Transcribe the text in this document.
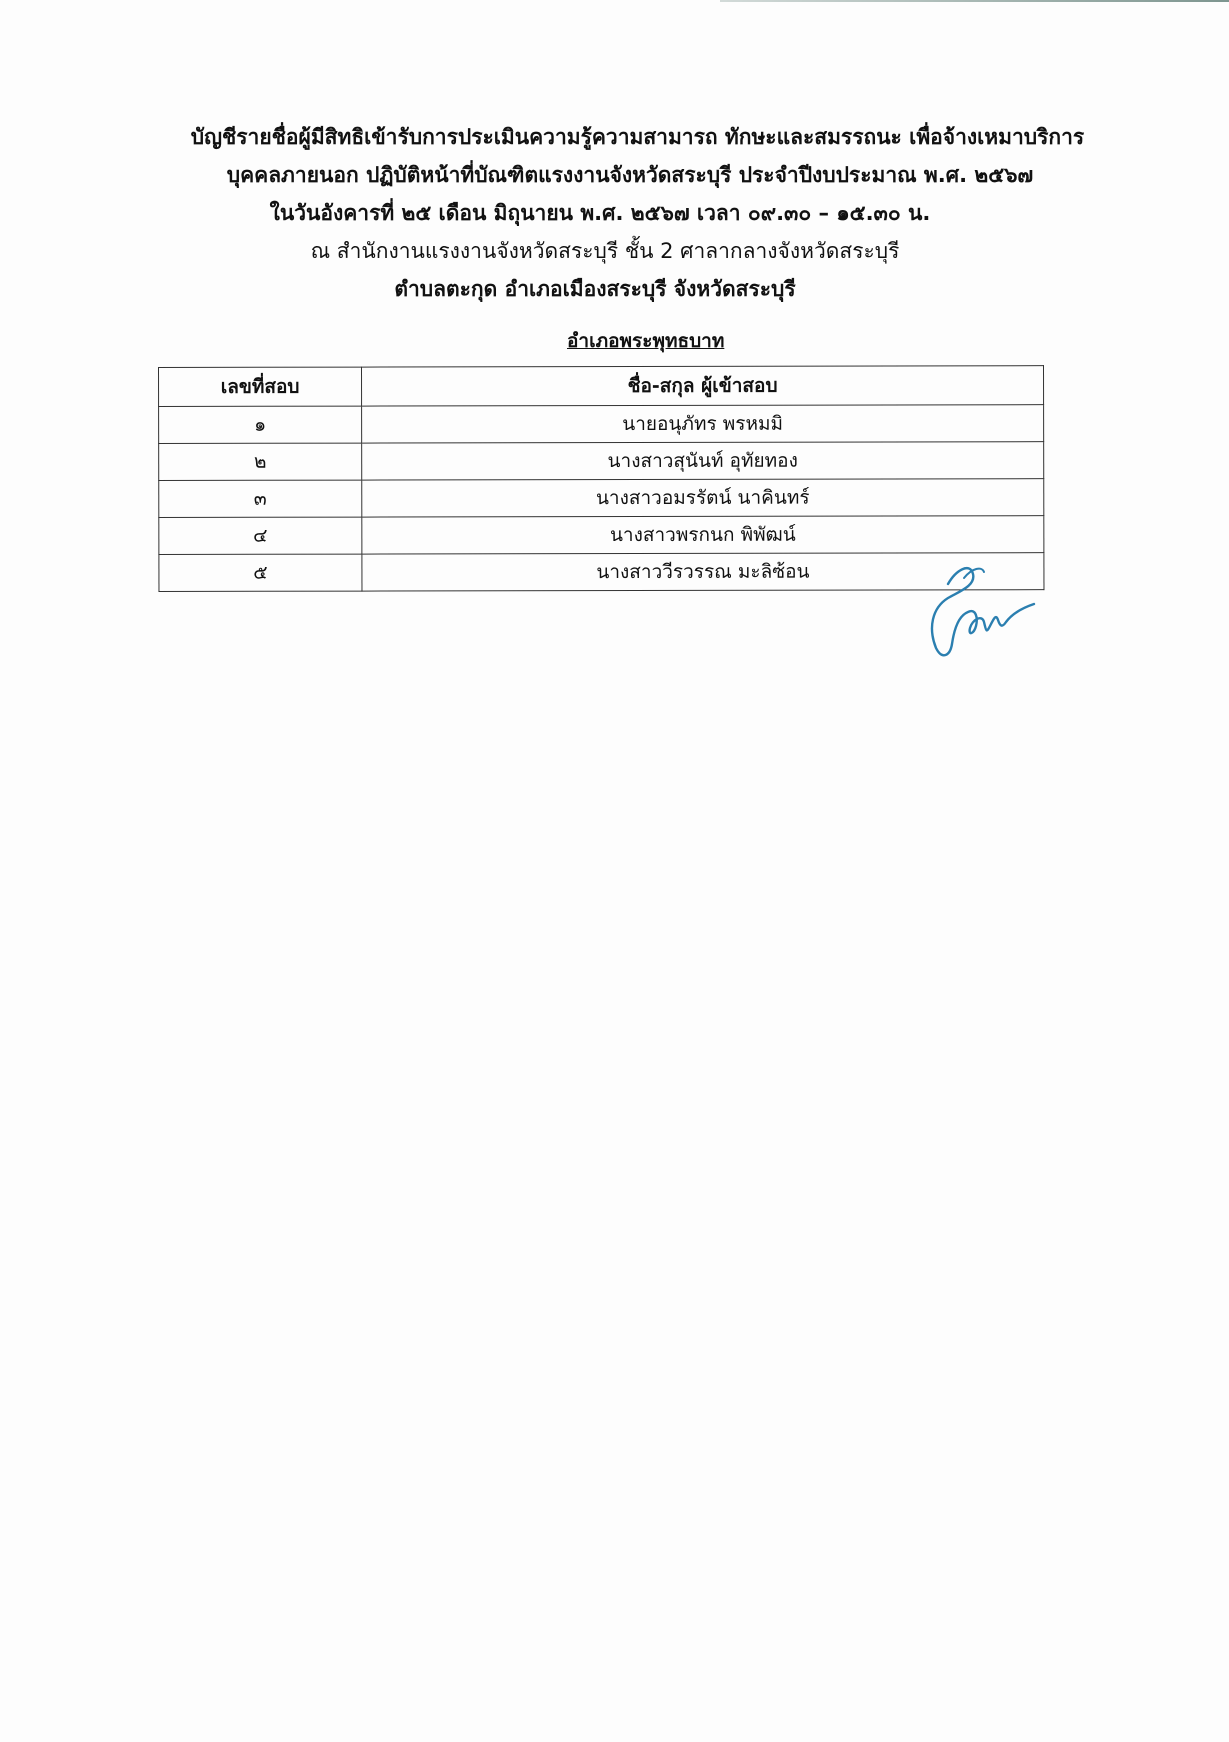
บัญชีรายชื่อผู้มีสิทธิเข้ารับการประเมินความรู้ความสามารถ ทักษะและสมรรถนะ เพื่อจ้างเหมาบริการ
บุคคลภายนอก ปฏิบัติหน้าที่บัณฑิตแรงงานจังหวัดสระบุรี ประจำปีงบประมาณ พ.ศ. ๒๕๖๗
ในวันอังคารที่ ๒๕ เดือน มิถุนายน พ.ศ. ๒๕๖๗ เวลา ๐๙.๓๐ – ๑๕.๓๐ น.
ณ สำนักงานแรงงานจังหวัดสระบุรี ชั้น 2 ศาลากลางจังหวัดสระบุรี
ตำบลตะกุด อำเภอเมืองสระบุรี จังหวัดสระบุรี
อำเภอพระพุทธบาท
เลขที่สอบ	ชื่อ-สกุล ผู้เข้าสอบ
๑	นายอนุภัทร พรหมมิ
๒	นางสาวสุนันท์ อุทัยทอง
๓	นางสาวอมรรัตน์ นาคินทร์
๔	นางสาวพรกนก พิพัฒน์
๕	นางสาววีรวรรณ มะลิซ้อน
